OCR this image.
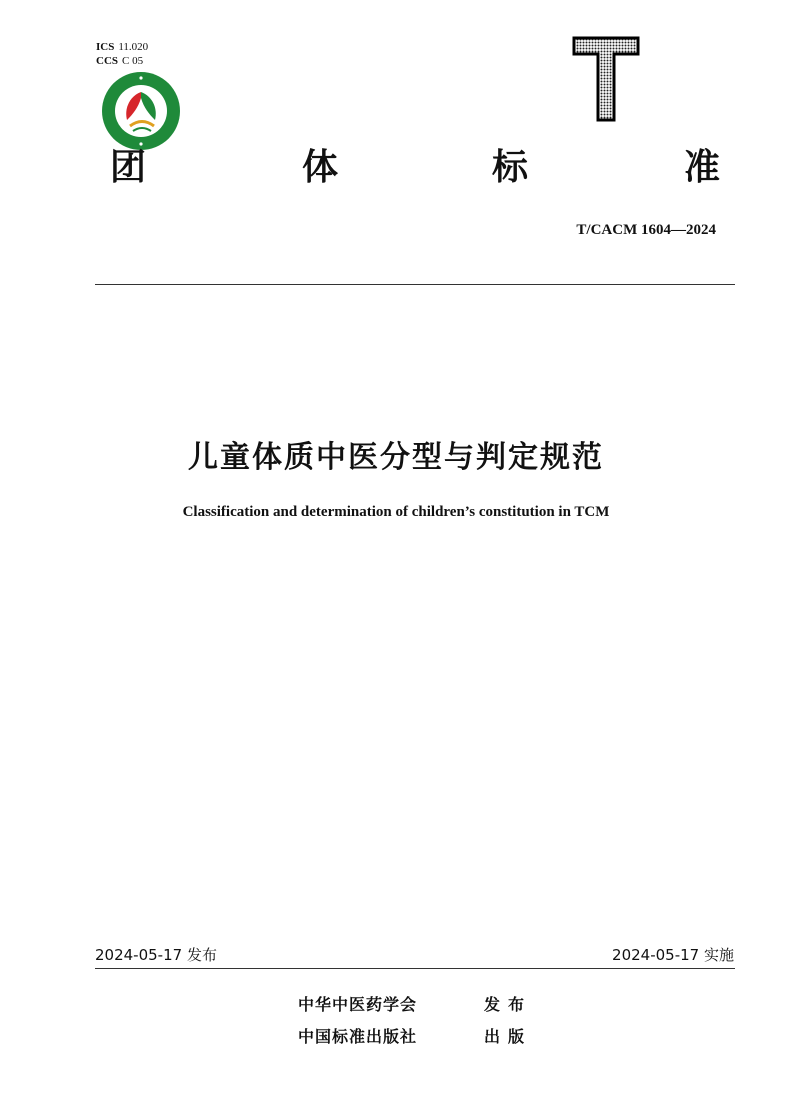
ICS 11.020
CCS C 05
团	体	标	准
T/CACM 1604—2024
儿童体质中医分型与判定规范
Classification and determination of children’s constitution in TCM
2024-05-17 发布	2024-05-17 实施
中华中医药学会	发布
中国标准出版社	出版
